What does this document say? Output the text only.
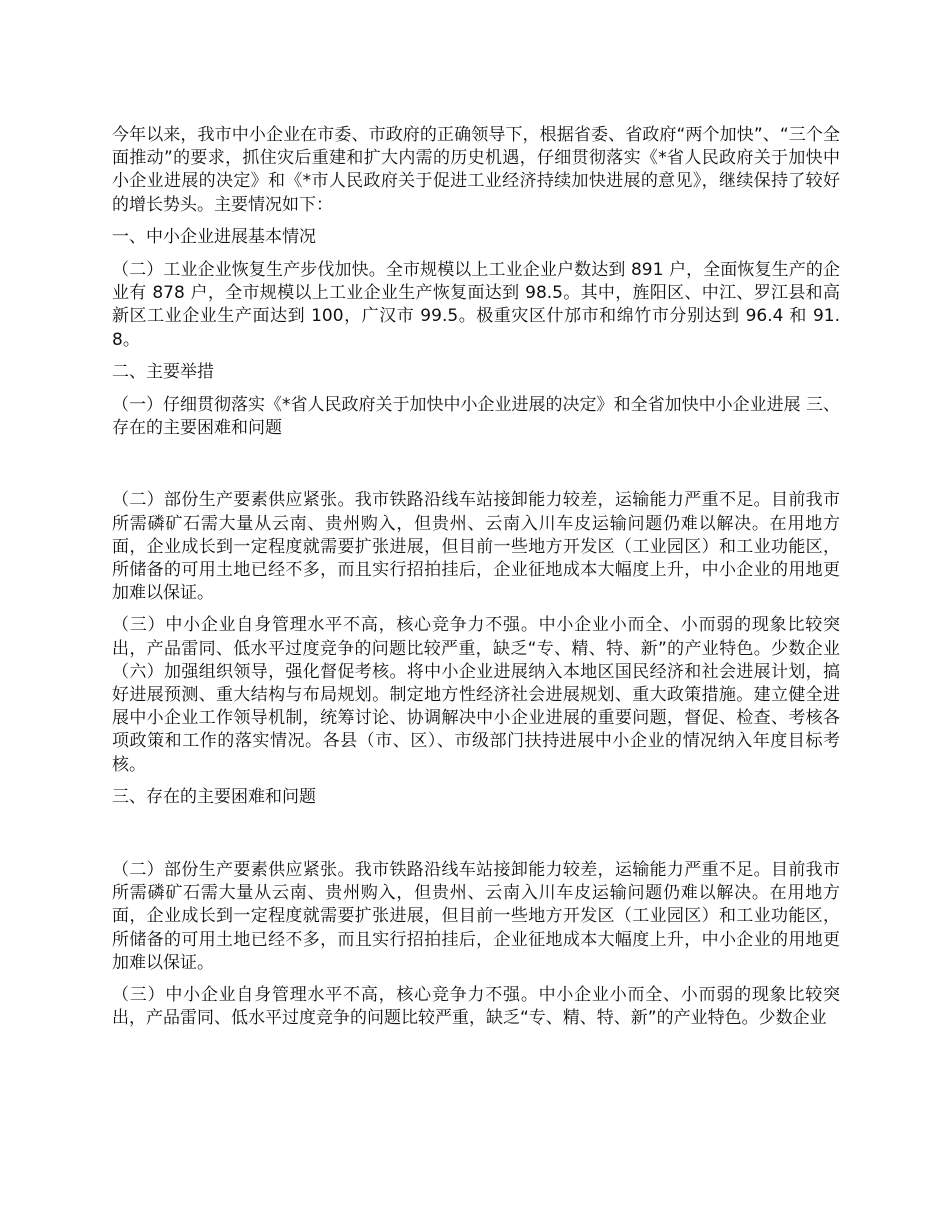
今年以来，我市中小企业在市委、市政府的正确领导下，根据省委、省政府“两个加快”、“三个全面推动”的要求，抓住灾后重建和扩大内需的历史机遇，仔细贯彻落实《*省人民政府关于加快中小企业进展的决定》和《*市人民政府关于促进工业经济持续加快进展的意见》，继续保持了较好的增长势头。主要情况如下：

一、中小企业进展基本情况

（二）工业企业恢复生产步伐加快。全市规模以上工业企业户数达到 891 户，全面恢复生产的企业有 878 户，全市规模以上工业企业生产恢复面达到 98.5。其中，旌阳区、中江、罗江县和高新区工业企业生产面达到 100，广汉市 99.5。极重灾区什邡市和绵竹市分别达到 96.4 和 91.8。

二、主要举措

（一）仔细贯彻落实《*省人民政府关于加快中小企业进展的决定》和全省加快中小企业进展 三、存在的主要困难和问题

（二）部份生产要素供应紧张。我市铁路沿线车站接卸能力较差，运输能力严重不足。目前我市所需磷矿石需大量从云南、贵州购入，但贵州、云南入川车皮运输问题仍难以解决。在用地方面，企业成长到一定程度就需要扩张进展，但目前一些地方开发区（工业园区）和工业功能区，所储备的可用土地已经不多，而且实行招拍挂后，企业征地成本大幅度上升，中小企业的用地更加难以保证。

（三）中小企业自身管理水平不高，核心竞争力不强。中小企业小而全、小而弱的现象比较突出，产品雷同、低水平过度竞争的问题比较严重，缺乏“专、精、特、新”的产业特色。少数企业 （六）加强组织领导，强化督促考核。将中小企业进展纳入本地区国民经济和社会进展计划，搞好进展预测、重大结构与布局规划。制定地方性经济社会进展规划、重大政策措施。建立健全进展中小企业工作领导机制，统筹讨论、协调解决中小企业进展的重要问题，督促、检查、考核各项政策和工作的落实情况。各县（市、区）、市级部门扶持进展中小企业的情况纳入年度目标考核。

三、存在的主要困难和问题

（二）部份生产要素供应紧张。我市铁路沿线车站接卸能力较差，运输能力严重不足。目前我市所需磷矿石需大量从云南、贵州购入，但贵州、云南入川车皮运输问题仍难以解决。在用地方面，企业成长到一定程度就需要扩张进展，但目前一些地方开发区（工业园区）和工业功能区，所储备的可用土地已经不多，而且实行招拍挂后，企业征地成本大幅度上升，中小企业的用地更加难以保证。

（三）中小企业自身管理水平不高，核心竞争力不强。中小企业小而全、小而弱的现象比较突出，产品雷同、低水平过度竞争的问题比较严重，缺乏“专、精、特、新”的产业特色。少数企业
